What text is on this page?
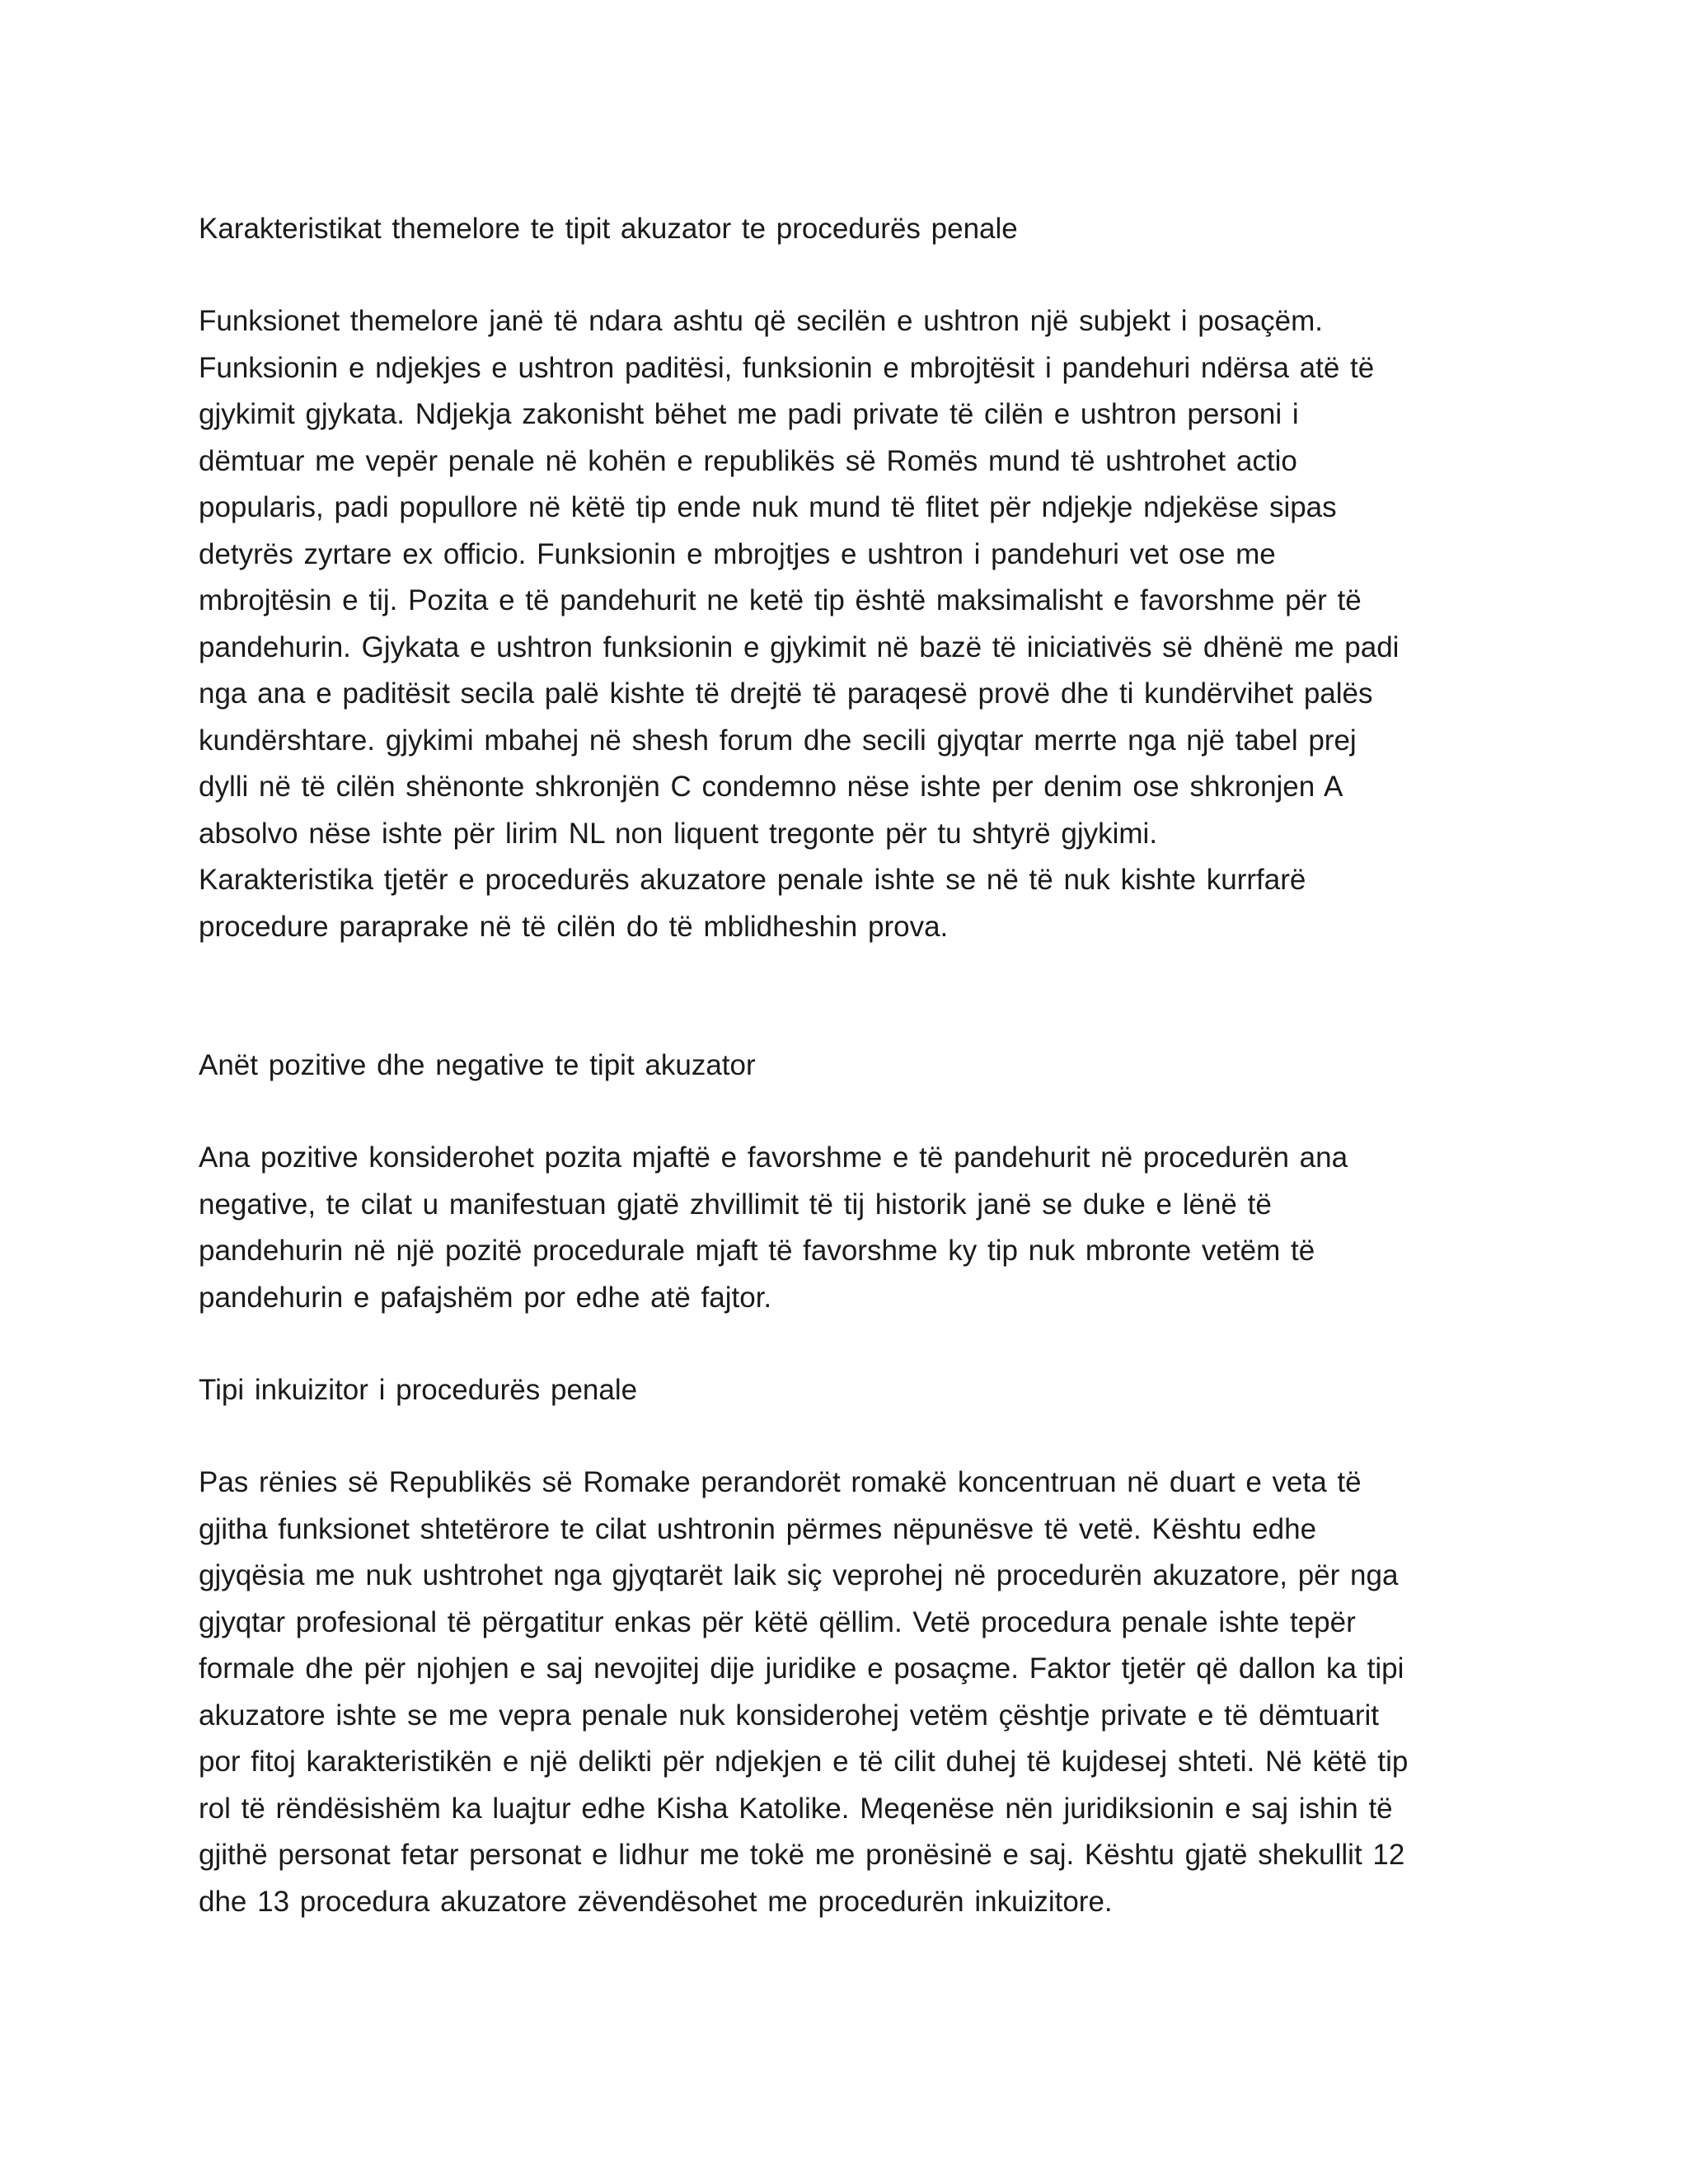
Karakteristikat themelore te tipit akuzator te procedurës penale

Funksionet themelore janë të ndara ashtu që secilën e ushtron një subjekt i posaçëm.
Funksionin e ndjekjes e ushtron paditësi, funksionin e mbrojtësit i pandehuri ndërsa atë të
gjykimit gjykata. Ndjekja zakonisht bëhet me padi private të cilën e ushtron personi i
dëmtuar me vepër penale në kohën e republikës së Romës mund të ushtrohet actio
popularis, padi popullore në këtë tip ende nuk mund të flitet për ndjekje ndjekëse sipas
detyrës zyrtare ex officio. Funksionin e mbrojtjes e ushtron i pandehuri vet ose me
mbrojtësin e tij. Pozita e të pandehurit ne ketë tip është maksimalisht e favorshme për të
pandehurin. Gjykata e ushtron funksionin e gjykimit në bazë të iniciativës së dhënë me padi
nga ana e paditësit secila palë kishte të drejtë të paraqesë provë dhe ti kundërvihet palës
kundërshtare. gjykimi mbahej në shesh forum dhe secili gjyqtar merrte nga një tabel prej
dylli në të cilën shënonte shkronjën C condemno nëse ishte per denim ose shkronjen A
absolvo nëse ishte për lirim NL non liquent tregonte për tu shtyrë gjykimi.
Karakteristika tjetër e procedurës akuzatore penale ishte se në të nuk kishte kurrfarë
procedure paraprake në të cilën do të mblidheshin prova.

Anët pozitive dhe negative te tipit akuzator

Ana pozitive konsiderohet pozita mjaftë e favorshme e të pandehurit në procedurën ana
negative, te cilat u manifestuan gjatë zhvillimit të tij historik janë se duke e lënë të
pandehurin në një pozitë procedurale mjaft të favorshme ky tip nuk mbronte vetëm të
pandehurin e pafajshëm por edhe atë fajtor.

Tipi inkuizitor i procedurës penale

Pas rënies së Republikës së Romake perandorët romakë koncentruan në duart e veta të
gjitha funksionet shtetërore te cilat ushtronin përmes nëpunësve të vetë. Kështu edhe
gjyqësia me nuk ushtrohet nga gjyqtarët laik siç veprohej në procedurën akuzatore, për nga
gjyqtar profesional të përgatitur enkas për këtë qëllim. Vetë procedura penale ishte tepër
formale dhe për njohjen e saj nevojitej dije juridike e posaçme. Faktor tjetër që dallon ka tipi
akuzatore ishte se me vepra penale nuk konsiderohej vetëm çështje private e të dëmtuarit
por fitoj karakteristikën e një delikti për ndjekjen e të cilit duhej të kujdesej shteti. Në këtë tip
rol të rëndësishëm ka luajtur edhe Kisha Katolike. Meqenëse nën juridiksionin e saj ishin të
gjithë personat fetar personat e lidhur me tokë me pronësinë e saj. Kështu gjatë shekullit 12
dhe 13 procedura akuzatore zëvendësohet me procedurën inkuizitore.
